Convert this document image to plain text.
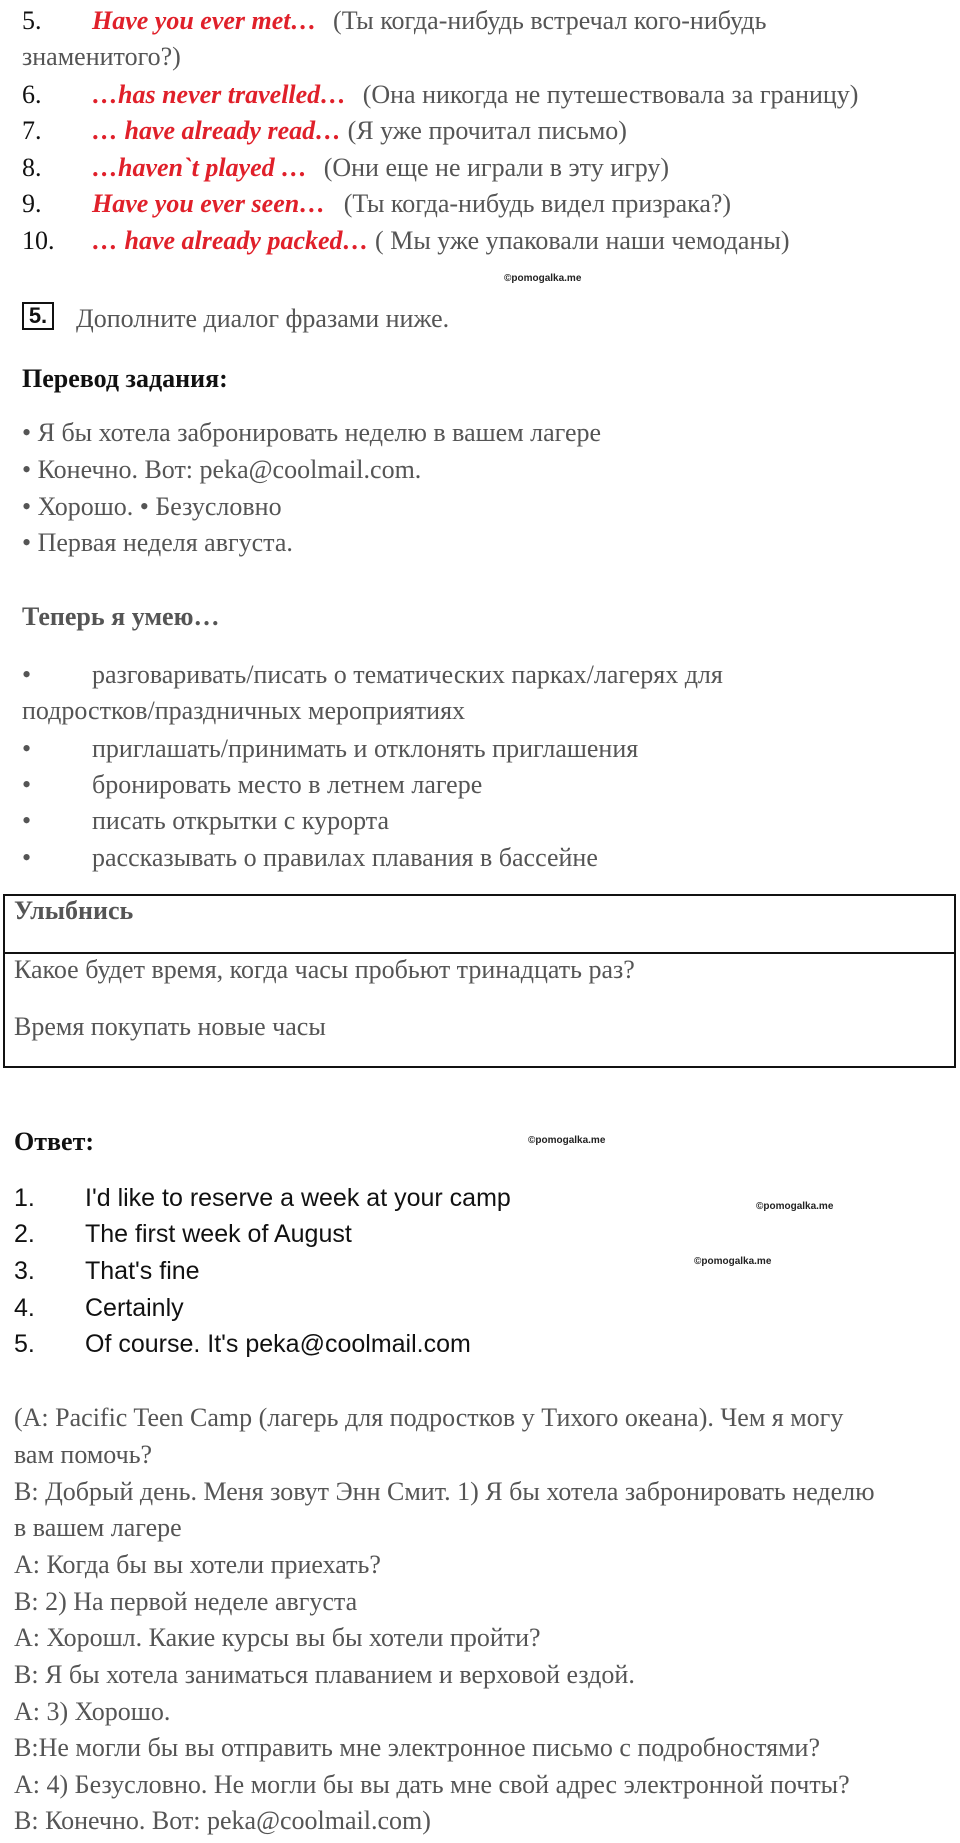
5. Have you ever met… (Ты когда-нибудь встречал кого-нибудь
знаменитого?)
6. …has never travelled… (Она никогда не путешествовала за границу)
7. … have already read… (Я уже прочитал письмо)
8. …haven`t played … (Они еще не играли в эту игру)
9. Have you ever seen… (Ты когда-нибудь видел призрака?)
10. … have already packed… ( Мы уже упаковали наши чемоданы)
©pomogalka.me
5. Дополните диалог фразами ниже.
Перевод задания:
• Я бы хотела забронировать неделю в вашем лагере
• Конечно. Вот: peka@coolmail.com.
• Хорошо. • Безусловно
• Первая неделя августа.
Теперь я умею…
• разговаривать/писать о тематических парках/лагерях для
подростков/праздничных мероприятиях
• приглашать/принимать и отклонять приглашения
• бронировать место в летнем лагере
• писать открытки с курорта
• рассказывать о правилах плавания в бассейне
Улыбнись
Какое будет время, когда часы пробьют тринадцать раз?
Время покупать новые часы
Ответ:	©pomogalka.me
1. I'd like to reserve a week at your camp
2. The first week of August
3. That's fine
4. Certainly
5. Of course. It's peka@coolmail.com
©pomogalka.me
©pomogalka.me
(A: Pacific Teen Camp (лагерь для подростков у Тихого океана). Чем я могу
вам помочь?
B: Добрый день. Меня зовут Энн Смит. 1) Я бы хотела забронировать неделю
в вашем лагере
A: Когда бы вы хотели приехать?
B: 2) На первой неделе августа
A: Хорошл. Какие курсы вы бы хотели пройти?
B: Я бы хотела заниматься плаванием и верховой ездой.
A: 3) Хорошо.
B:Не могли бы вы отправить мне электронное письмо с подробностями?
A: 4) Безусловно. Не могли бы вы дать мне свой адрес электронной почты?
B: Конечно. Вот: peka@coolmail.com)
